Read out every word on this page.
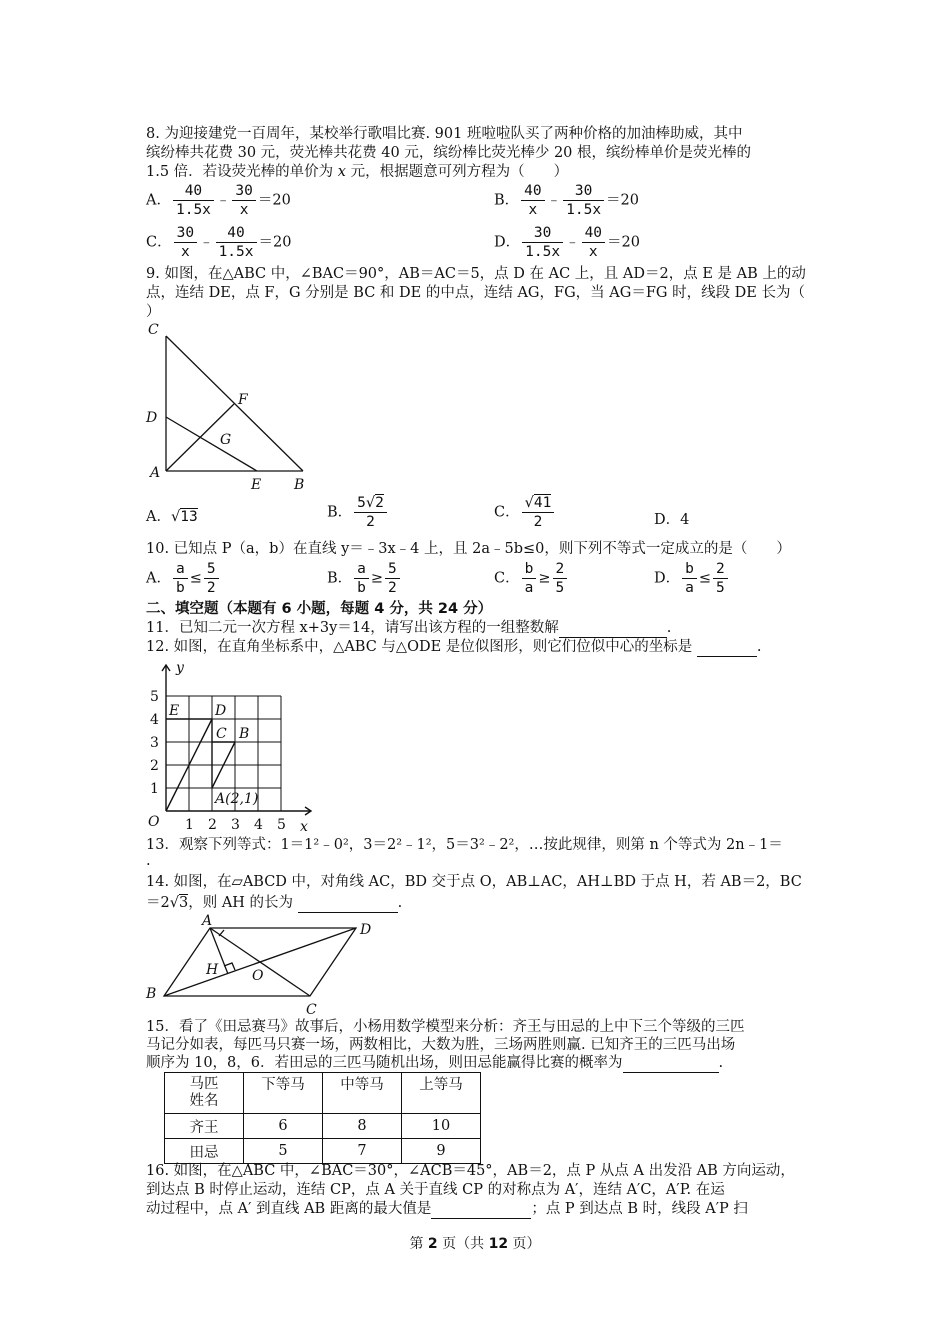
8. 为迎接建党一百周年，某校举行歌唱比赛. 901 班啦啦队买了两种价格的加油棒助威，其中
缤纷棒共花费 30 元，荧光棒共花费 40 元，缤纷棒比荧光棒少 20 根，缤纷棒单价是荧光棒的
1.5 倍．若设荧光棒的单价为 x 元，根据题意可列方程为（　　）
A． $\frac{40}{1.5x}$ ﹣ $\frac{30}{x} =20$	B． $\frac{40}{x}$ ﹣ $\frac{30}{1.5x} =20$
C． $\frac{30}{x}$ ﹣ $\frac{40}{1.5x} =20$	D． $\frac{30}{1.5x}$ ﹣ $\frac{40}{x} =20$
9. 如图，在△ABC 中，∠BAC＝90°，AB＝AC＝5，点 D 在 AC 上，且 AD＝2，点 E 是 AB 上的动
点，连结 DE，点 F，G 分别是 BC 和 DE 的中点，连结 AG，FG，当 AG＝FG 时，线段 DE 长为（
）
C
D
F
G
A
E B
A．√13	B． $\frac{5√2}{2}$	C． $\frac{√41}{2}$	D．4
10. 已知点 P（a，b）在直线 y＝﹣3x﹣4 上，且 2a﹣5b≤0，则下列不等式一定成立的是（　　）
A． $\frac{a}{b} \le \frac{5}{2}$	B． $\frac{a}{b} \ge \frac{5}{2}$	C． $\frac{b}{a} \ge \frac{2}{5}$	D． $\frac{b}{a} \le \frac{2}{5}$
二、填空题（本题有 6 小题，每题 4 分，共 24 分）
11．已知二元一次方程 x+3y＝14，请写出该方程的一组整数解	.
12. 如图，在直角坐标系中，△ABC 与△ODE 是位似图形，则它们位似中心的坐标是	.
y
x
O 1 2 3 4 5
1
2
3
4
5
E	D
C B
A(2,1)
13．观察下列等式：1＝1²﹣0²，3＝2²﹣1²，5＝3²﹣2²，…按此规律，则第 n 个等式为 2n﹣1＝
.
14. 如图，在▱ABCD 中，对角线 AC，BD 交于点 O，AB⊥AC，AH⊥BD 于点 H，若 AB＝2，BC
＝2√3，则 AH 的长为	.
A
D
H O
B
C
15．看了《田忌赛马》故事后，小杨用数学模型来分析：齐王与田忌的上中下三个等级的三匹
马记分如表，每匹马只赛一场，两数相比，大数为胜，三场两胜则赢. 已知齐王的三匹马出场
顺序为 10，8，6．若田忌的三匹马随机出场，则田忌能赢得比赛的概率为	.
马匹
姓名	下等马	中等马	上等马
齐王	6	8	10
田忌	5	7	9
16. 如图，在△ABC 中，∠BAC＝30°，∠ACB＝45°，AB＝2，点 P 从点 A 出发沿 AB 方向运动，
到达点 B 时停止运动，连结 CP，点 A 关于直线 CP 的对称点为 A′，连结 A′C，A′P. 在运
动过程中，点 A′ 到直线 AB 距离的最大值是	；点 P 到达点 B 时，线段 A′P 扫
第 2 页（共 12 页）
